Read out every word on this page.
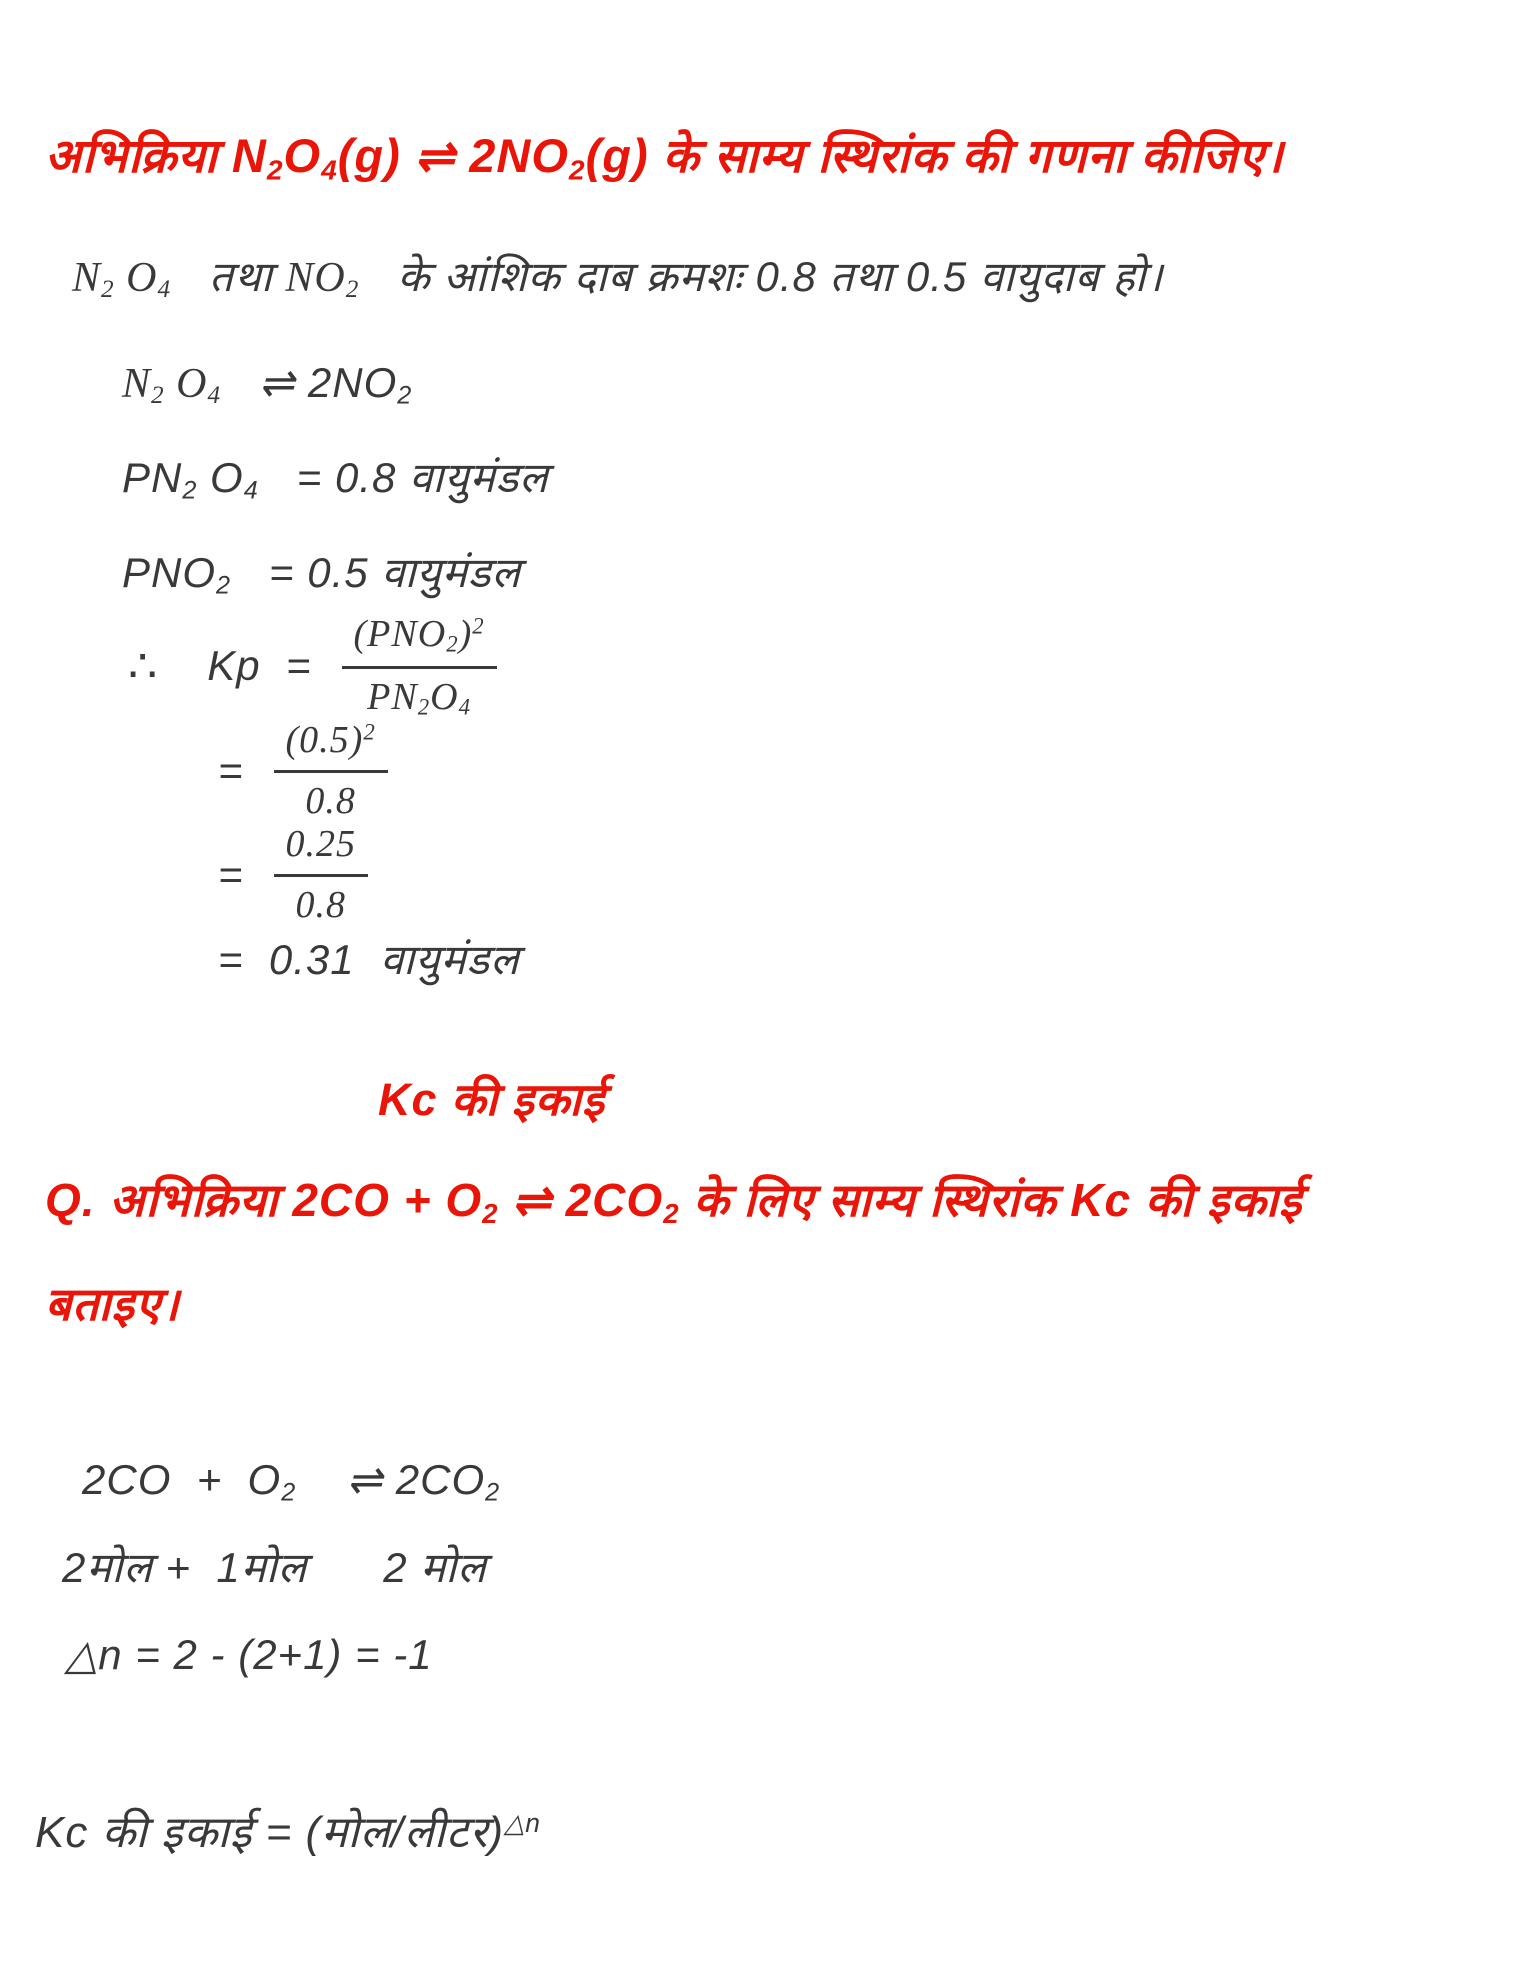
अभिक्रिया $N_2O_4(g)$ ⇌ $2NO_2(g)$ के साम्य स्थिरांक की गणना कीजिए।

$N_2$ $O_4$   तथा $NO_2$   के आंशिक दाब क्रमशः 0.8 तथा 0.5 वायुदाब हो।

$N_2$ $O_4$   ⇌ $2NO_2$

$PN_2$ $O_4 = 0.8$ वायुमंडल

$PNO_2 = 0.5$ वायुमंडल

∴ $Kp = \frac{(PNO_2)^2}{PN_2O_4}$
= $\frac{(0.5)^2}{0.8}$
= $\frac{0.25}{0.8}$

=  0.31  वायुमंडल

Kc की इकाई

Q. अभिक्रिया $2CO + O_2$ ⇌ $2CO_2$ के लिए साम्य स्थिरांक Kc की इकाई

बताइए।

$2CO + O_2$    ⇌ $2CO_2$

2मोल +  1मोल      2 मोल

△n = 2 - (2+1) = -1

Kc की इकाई = (मोल/लीटर)$^{\triangle n}$
